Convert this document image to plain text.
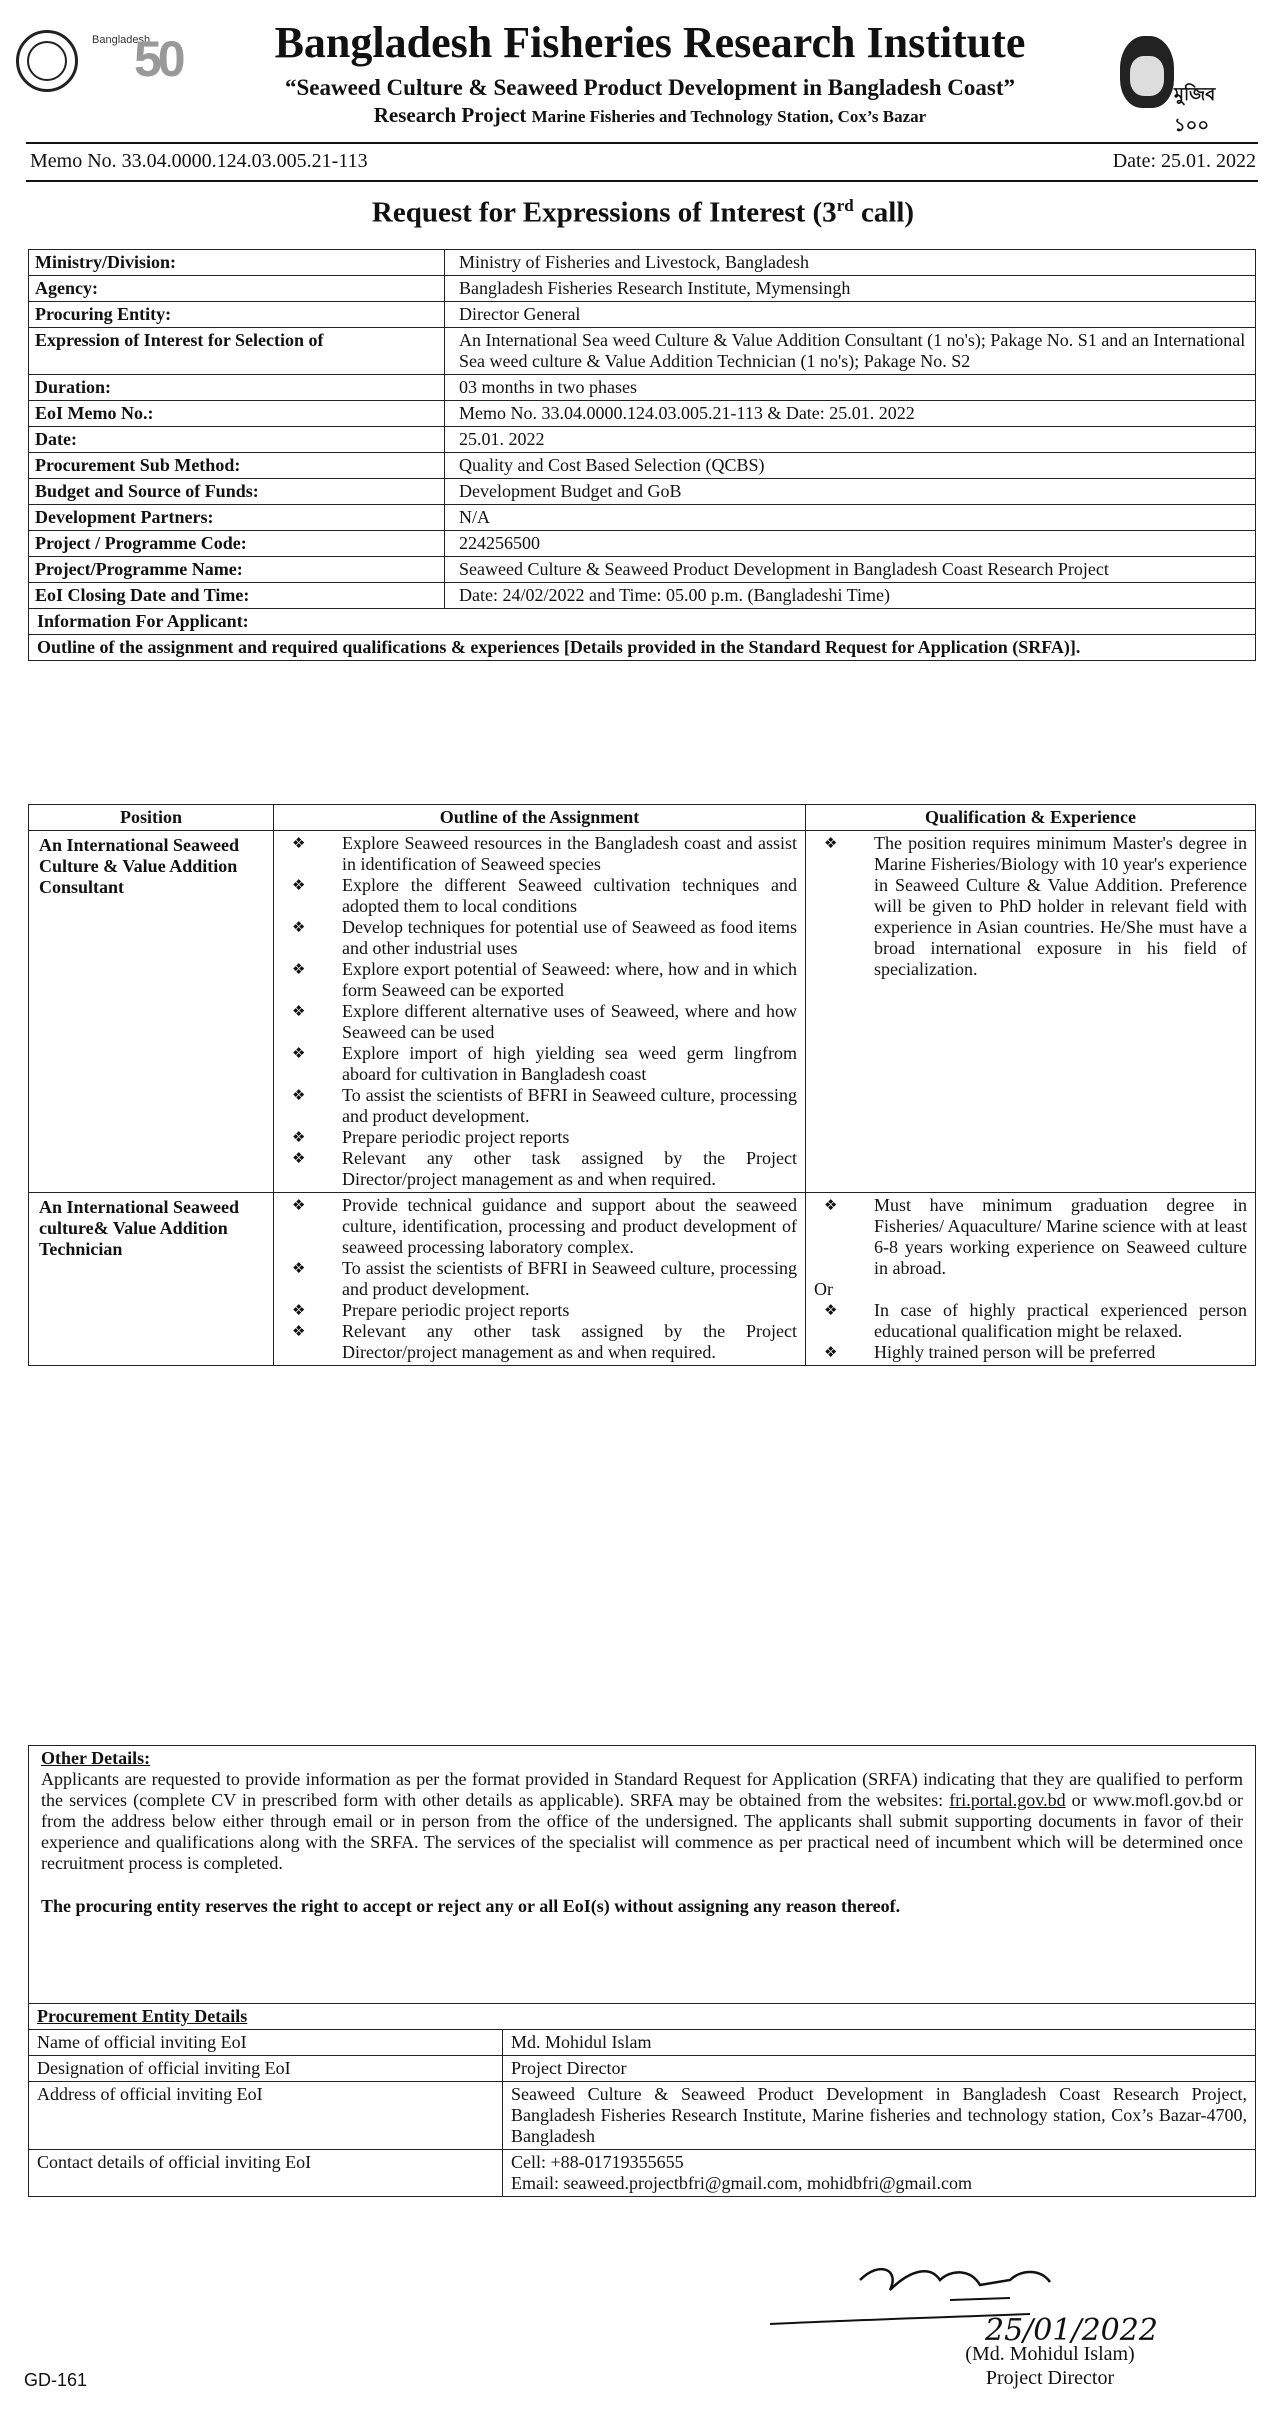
Bangladesh
50	Bangladesh Fisheries Research Institute
“Seaweed Culture & Seaweed Product Development in Bangladesh Coast”
Research Project Marine Fisheries and Technology Station, Cox’s Bazar
মুজিব ১০০
Memo No. 33.04.0000.124.03.005.21-113	Date: 25.01. 2022
Request for Expressions of Interest (3rd call)
Ministry/Division:	Ministry of Fisheries and Livestock, Bangladesh
Agency:	Bangladesh Fisheries Research Institute, Mymensingh
Procuring Entity:	Director General
Expression of Interest for Selection of	An International Sea weed Culture & Value Addition Consultant (1 no's); Pakage No. S1 and an International Sea weed culture & Value Addition Technician (1 no's); Pakage No. S2
Duration:	03 months in two phases
EoI Memo No.:	Memo No. 33.04.0000.124.03.005.21-113 & Date: 25.01. 2022
Date:	25.01. 2022
Procurement Sub Method:	Quality and Cost Based Selection (QCBS)
Budget and Source of Funds:	Development Budget and GoB
Development Partners:	N/A
Project / Programme Code:	224256500
Project/Programme Name:	Seaweed Culture & Seaweed Product Development in Bangladesh Coast Research Project
EoI Closing Date and Time:	Date: 24/02/2022 and Time: 05.00 p.m. (Bangladeshi Time)
Information For Applicant:
Outline of the assignment and required qualifications & experiences [Details provided in the Standard Request for Application (SRFA)].
Position	Outline of the Assignment	Qualification & Experience
An International Seaweed Culture & Value Addition Consultant	
❖ Explore Seaweed resources in the Bangladesh coast and assist in identification of Seaweed species
❖ Explore the different Seaweed cultivation techniques and adopted them to local conditions
❖ Develop techniques for potential use of Seaweed as food items and other industrial uses
❖ Explore export potential of Seaweed: where, how and in which form Seaweed can be exported
❖ Explore different alternative uses of Seaweed, where and how Seaweed can be used
❖ Explore import of high yielding sea weed germ lingfrom aboard for cultivation in Bangladesh coast
❖ To assist the scientists of BFRI in Seaweed culture, processing and product development.
❖ Prepare periodic project reports
❖ Relevant any other task assigned by the Project Director/project management as and when required.

❖ The position requires minimum Master's degree in Marine Fisheries/Biology with 10 year's experience in Seaweed Culture & Value Addition. Preference will be given to PhD holder in relevant field with experience in Asian countries. He/She must have a broad international exposure in his field of specialization.

An International Seaweed culture& Value Addition Technician	
❖ Provide technical guidance and support about the seaweed culture, identification, processing and product development of seaweed processing laboratory complex.
❖ To assist the scientists of BFRI in Seaweed culture, processing and product development.
❖ Prepare periodic project reports
❖ Relevant any other task assigned by the Project Director/project management as and when required.

❖ Must have minimum graduation degree in Fisheries/ Aquaculture/ Marine science with at least 6-8 years working experience on Seaweed culture in abroad.
Or
❖ In case of highly practical experienced person educational qualification might be relaxed.
❖ Highly trained person will be preferred
Other Details:
Applicants are requested to provide information as per the format provided in Standard Request for Application (SRFA) indicating that they are qualified to perform the services (complete CV in prescribed form with other details as applicable). SRFA may be obtained from the websites: fri.portal.gov.bd or www.mofl.gov.bd or from the address below either through email or in person from the office of the undersigned. The applicants shall submit supporting documents in favor of their experience and qualifications along with the SRFA. The services of the specialist will commence as per practical need of incumbent which will be determined once recruitment process is completed.
The procuring entity reserves the right to accept or reject any or all EoI(s) without assigning any reason thereof.
Procurement Entity Details
Name of official inviting EoI	Md. Mohidul Islam

Designation of official inviting EoI	Project Director

Address of official inviting EoI	Seaweed Culture & Seaweed Product Development in Bangladesh Coast Research Project, Bangladesh Fisheries Research Institute, Marine fisheries and technology station, Cox’s Bazar-4700, Bangladesh

Contact details of official inviting EoI	Cell: +88-01719355655
Email: seaweed.projectbfri@gmail.com, mohidbfri@gmail.com
25/01/2022
(Md. Mohidul Islam)
Project Director
GD-161
